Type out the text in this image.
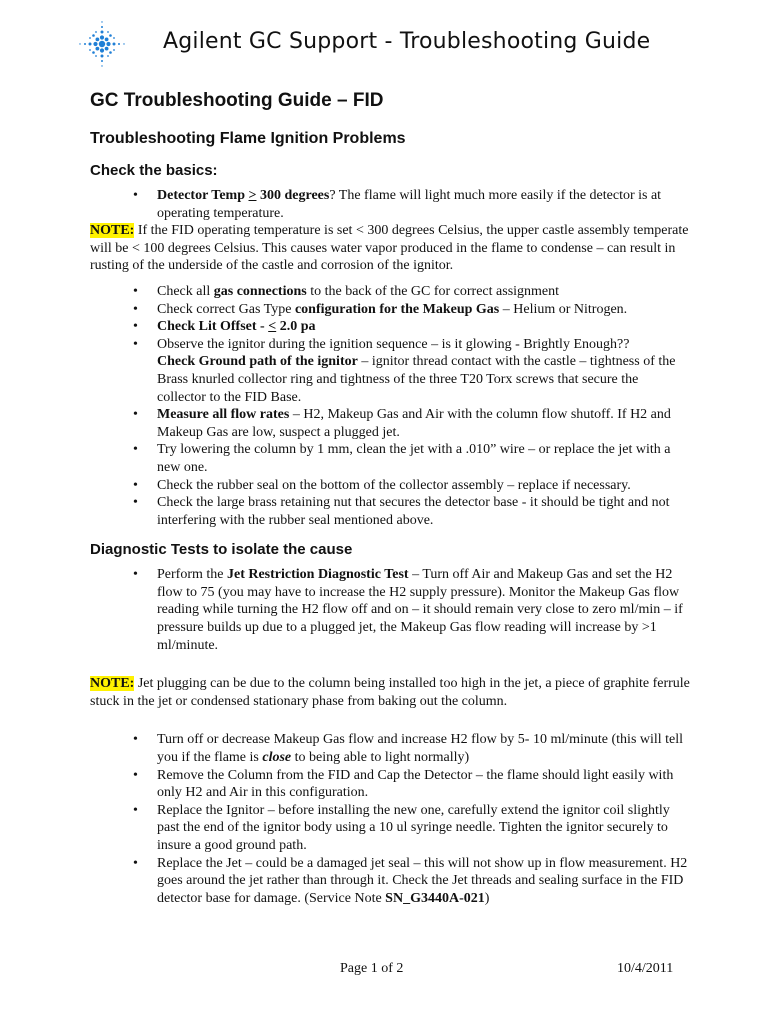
Agilent GC Support - Troubleshooting Guide
GC Troubleshooting Guide – FID
Troubleshooting Flame Ignition Problems
Check the basics:
• Detector Temp > 300 degrees? The flame will light much more easily if the detector is at operating temperature.

NOTE: If the FID operating temperature is set < 300 degrees Celsius, the upper castle assembly temperate will be < 100 degrees Celsius. This causes water vapor produced in the flame to condense – can result in rusting of the underside of the castle and corrosion of the ignitor.

• Check all gas connections to the back of the GC for correct assignment
• Check correct Gas Type configuration for the Makeup Gas – Helium or Nitrogen.
• Check Lit Offset - < 2.0 pa
• Observe the ignitor during the ignition sequence – is it glowing - Brightly Enough??
Check Ground path of the ignitor – ignitor thread contact with the castle – tightness of the Brass knurled collector ring and tightness of the three T20 Torx screws that secure the collector to the FID Base.
• Measure all flow rates – H2, Makeup Gas and Air with the column flow shutoff. If H2 and Makeup Gas are low, suspect a plugged jet.
• Try lowering the column by 1 mm, clean the jet with a .010” wire – or replace the jet with a new one.
• Check the rubber seal on the bottom of the collector assembly – replace if necessary.
• Check the large brass retaining nut that secures the detector base - it should be tight and not interfering with the rubber seal mentioned above.
Diagnostic Tests to isolate the cause
• Perform the Jet Restriction Diagnostic Test – Turn off Air and Makeup Gas and set the H2 flow to 75 (you may have to increase the H2 supply pressure). Monitor the Makeup Gas flow reading while turning the H2 flow off and on – it should remain very close to zero ml/min – if pressure builds up due to a plugged jet, the Makeup Gas flow reading will increase by >1 ml/minute.

NOTE: Jet plugging can be due to the column being installed too high in the jet, a piece of graphite ferrule stuck in the jet or condensed stationary phase from baking out the column.

• Turn off or decrease Makeup Gas flow and increase H2 flow by 5- 10 ml/minute (this will tell you if the flame is close to being able to light normally)
• Remove the Column from the FID and Cap the Detector – the flame should light easily with only H2 and Air in this configuration.
• Replace the Ignitor – before installing the new one, carefully extend the ignitor coil slightly past the end of the ignitor body using a 10 ul syringe needle. Tighten the ignitor securely to insure a good ground path.
• Replace the Jet – could be a damaged jet seal – this will not show up in flow measurement. H2 goes around the jet rather than through it. Check the Jet threads and sealing surface in the FID detector base for damage. (Service Note SN_G3440A-021)
Page 1 of 2	10/4/2011
